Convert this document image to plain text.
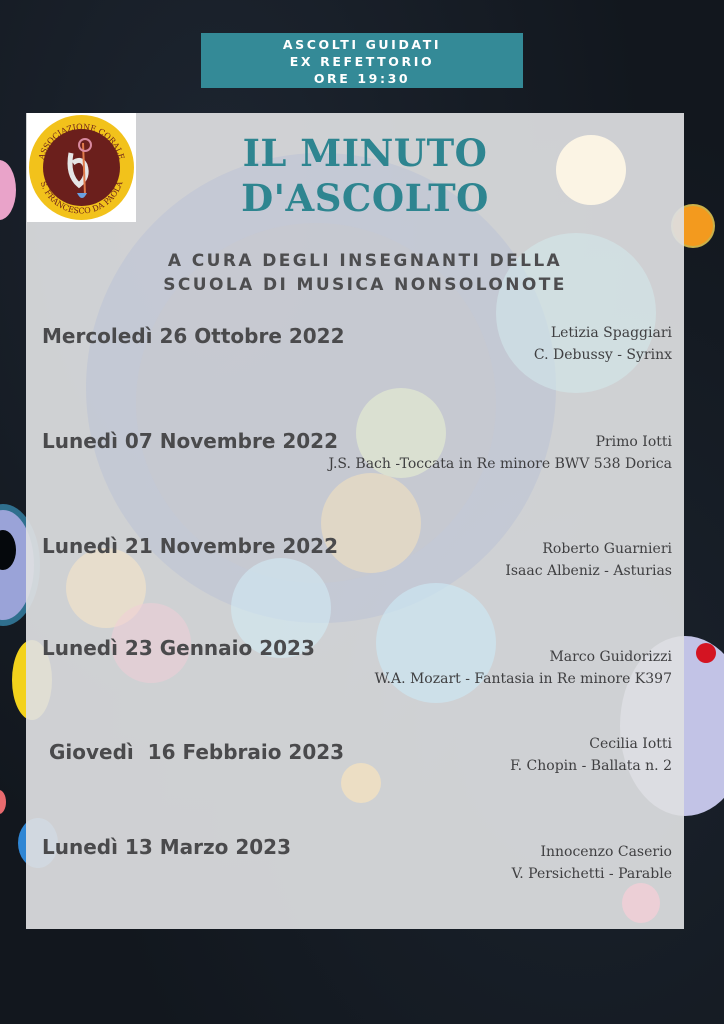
ASCOLTI GUIDATI
EX REFETTORIO
ORE 19:30
ASSOCIAZIONE CORALE
S. FRANCESCO DA PAOLA
IL MINUTO
D'ASCOLTO
A CURA DEGLI INSEGNANTI DELLA
SCUOLA DI MUSICA NONSOLONOTE
Mercoledì 26 Ottobre 2022	Letizia Spaggiari
C. Debussy - Syrinx
Lunedì 07 Novembre 2022	Primo Iotti
J.S. Bach -Toccata in Re minore BWV 538 Dorica
Lunedì 21 Novembre 2022	Roberto Guarnieri
Isaac Albeniz - Asturias
Lunedì 23 Gennaio 2023	Marco Guidorizzi
W.A. Mozart - Fantasia in Re minore K397
Giovedì  16 Febbraio 2023	Cecilia Iotti
F. Chopin - Ballata n. 2
Lunedì 13 Marzo 2023	Innocenzo Caserio
V. Persichetti - Parable
